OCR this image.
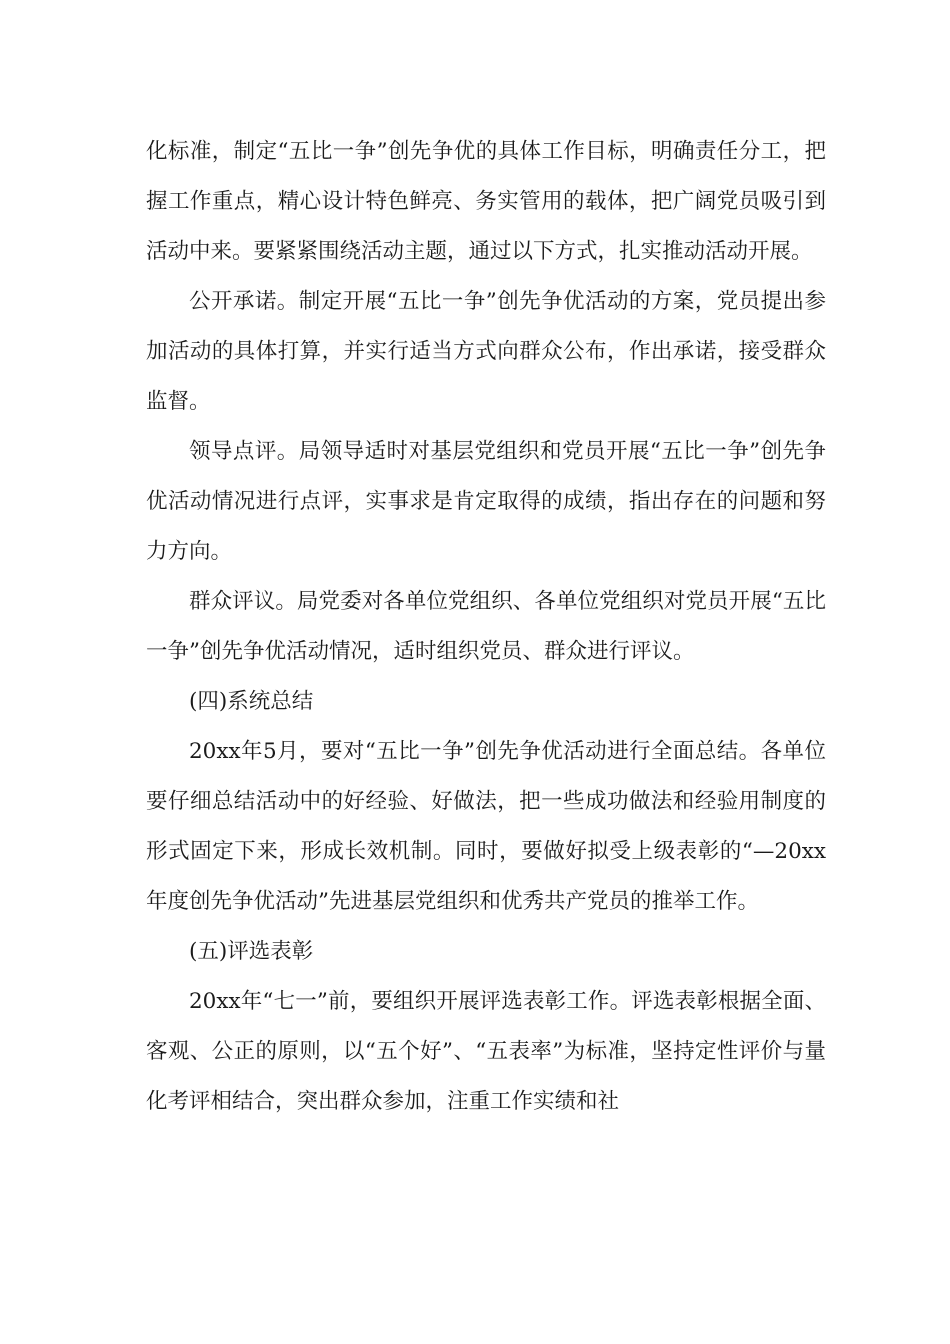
化标准，制定“五比一争”创先争优的具体工作目标，明确责任分工，把握工作重点，精心设计特色鲜亮、务实管用的载体，把广阔党员吸引到活动中来。要紧紧围绕活动主题，通过以下方式，扎实推动活动开展。

公开承诺。制定开展“五比一争”创先争优活动的方案，党员提出参加活动的具体打算，并实行适当方式向群众公布，作出承诺，接受群众监督。

领导点评。局领导适时对基层党组织和党员开展“五比一争”创先争优活动情况进行点评，实事求是肯定取得的成绩，指出存在的问题和努力方向。

群众评议。局党委对各单位党组织、各单位党组织对党员开展“五比一争”创先争优活动情况，适时组织党员、群众进行评议。

(四)系统总结

20xx年5月，要对“五比一争”创先争优活动进行全面总结。各单位要仔细总结活动中的好经验、好做法，把一些成功做法和经验用制度的形式固定下来，形成长效机制。同时，要做好拟受上级表彰的“—20xx年度创先争优活动”先进基层党组织和优秀共产党员的推举工作。

(五)评选表彰

20xx年“七一”前，要组织开展评选表彰工作。评选表彰根据全面、客观、公正的原则，以“五个好”、“五表率”为标准，坚持定性评价与量化考评相结合，突出群众参加，注重工作实绩和社
